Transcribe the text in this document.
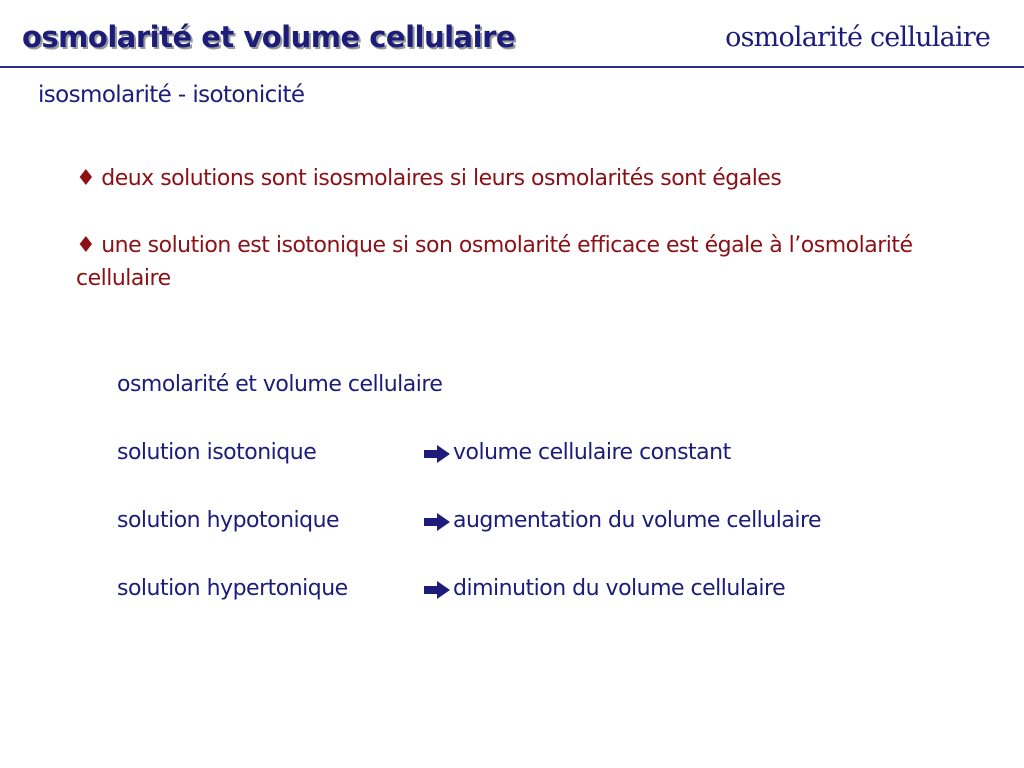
osmolarité et volume cellulaire	osmolarité cellulaire
isosmolarité - isotonicité
♦ deux solutions sont isosmolaires si leurs osmolarités sont égales
♦ une solution est isotonique si son osmolarité efficace est égale à l’osmolarité cellulaire
osmolarité et volume cellulaire
solution isotonique	volume cellulaire constant
solution hypotonique	augmentation du volume cellulaire
solution hypertonique	diminution du volume cellulaire
